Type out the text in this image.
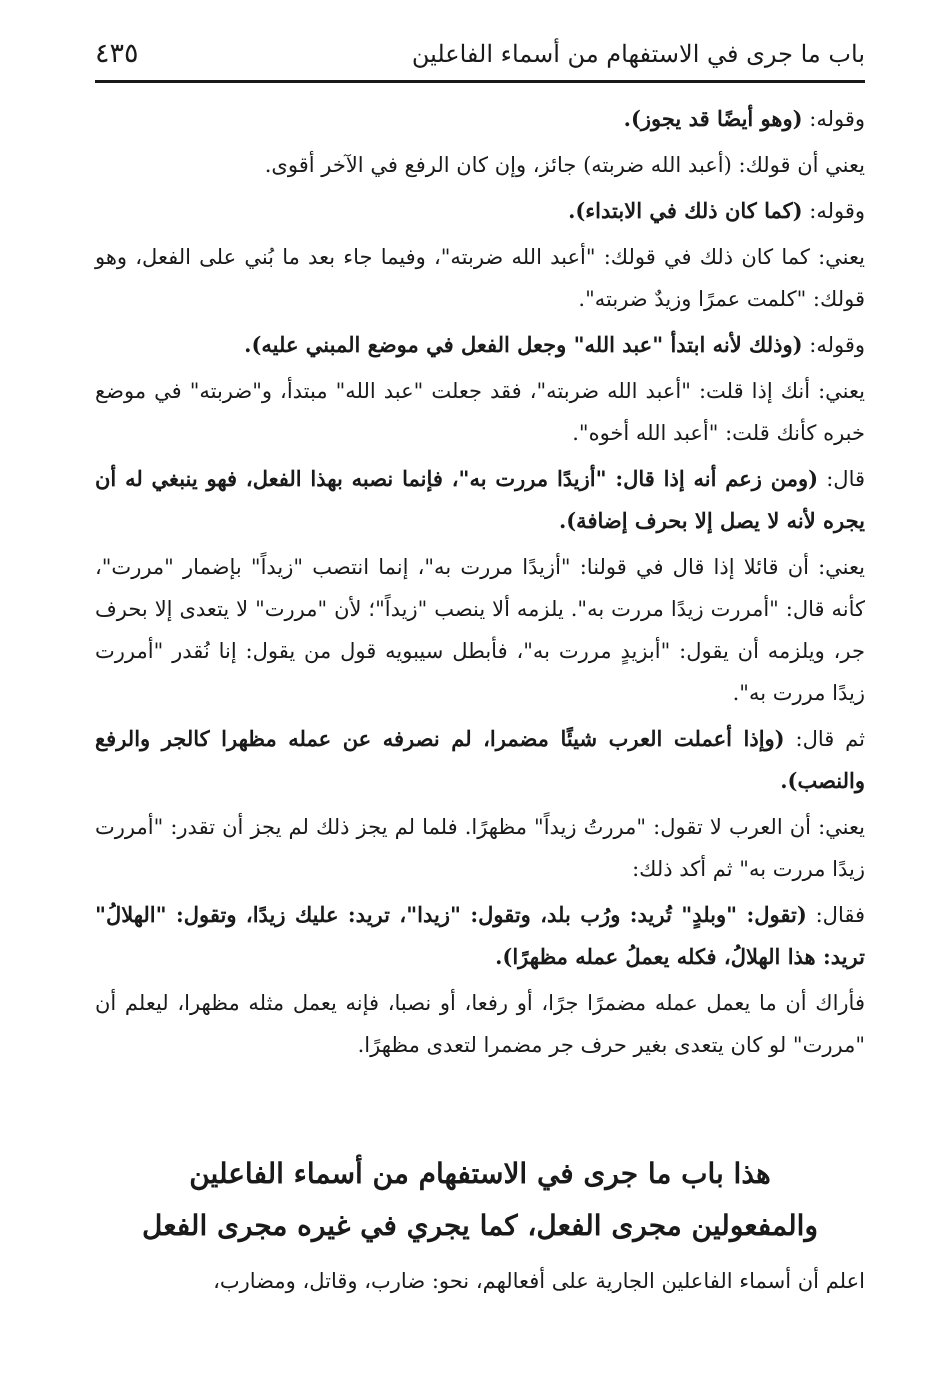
باب ما جرى في الاستفهام من أسماء الفاعلين
٤٣٥

وقوله: (وهو أيضًا قد يجوز).

يعني أن قولك: (أعبد الله ضربته) جائز، وإن كان الرفع في الآخر أقوى.

وقوله: (كما كان ذلك في الابتداء).

يعني: كما كان ذلك في قولك: "أعبد الله ضربته"، وفيما جاء بعد ما بُني على الفعل، وهو قولك: "كلمت عمرًا وزيدٌ ضربته".

وقوله: (وذلك لأنه ابتدأ "عبد الله" وجعل الفعل في موضع المبني عليه).

يعني: أنك إذا قلت: "أعبد الله ضربته"، فقد جعلت "عبد الله" مبتدأ، و"ضربته" في موضع خبره كأنك قلت: "أعبد الله أخوه".

قال: (ومن زعم أنه إذا قال: "أزيدًا مررت به"، فإنما نصبه بهذا الفعل، فهو ينبغي له أن يجره لأنه لا يصل إلا بحرف إضافة).

يعني: أن قائلا إذا قال في قولنا: "أزيدًا مررت به"، إنما انتصب "زيداً" بإضمار "مررت"، كأنه قال: "أمررت زيدًا مررت به". يلزمه ألا ينصب "زيداً"؛ لأن "مررت" لا يتعدى إلا بحرف جر، ويلزمه أن يقول: "أبزيدٍ مررت به"، فأبطل سيبويه قول من يقول: إنا نُقدر "أمررت زيدًا مررت به".

ثم قال: (وإذا أعملت العرب شيئًا مضمرا، لم نصرفه عن عمله مظهرا كالجر والرفع والنصب).

يعني: أن العرب لا تقول: "مررتُ زيداً" مظهرًا. فلما لم يجز ذلك لم يجز أن تقدر: "أمررت زيدًا مررت به" ثم أكد ذلك:

فقال: (تقول: "وبلدٍ" تُريد: ورُب بلد، وتقول: "زيدا"، تريد: عليك زيدًا، وتقول: "الهلالُ" تريد: هذا الهلالُ، فكله يعملُ عمله مظهرًا).

فأراك أن ما يعمل عمله مضمرًا جرًا، أو رفعا، أو نصبا، فإنه يعمل مثله مظهرا، ليعلم أن "مررت" لو كان يتعدى بغير حرف جر مضمرا لتعدى مظهرًا.

هذا باب ما جرى في الاستفهام من أسماء الفاعلين

والمفعولين مجرى الفعل، كما يجري في غيره مجرى الفعل

اعلم أن أسماء الفاعلين الجارية على أفعالهم، نحو: ضارب، وقاتل، ومضارب،
